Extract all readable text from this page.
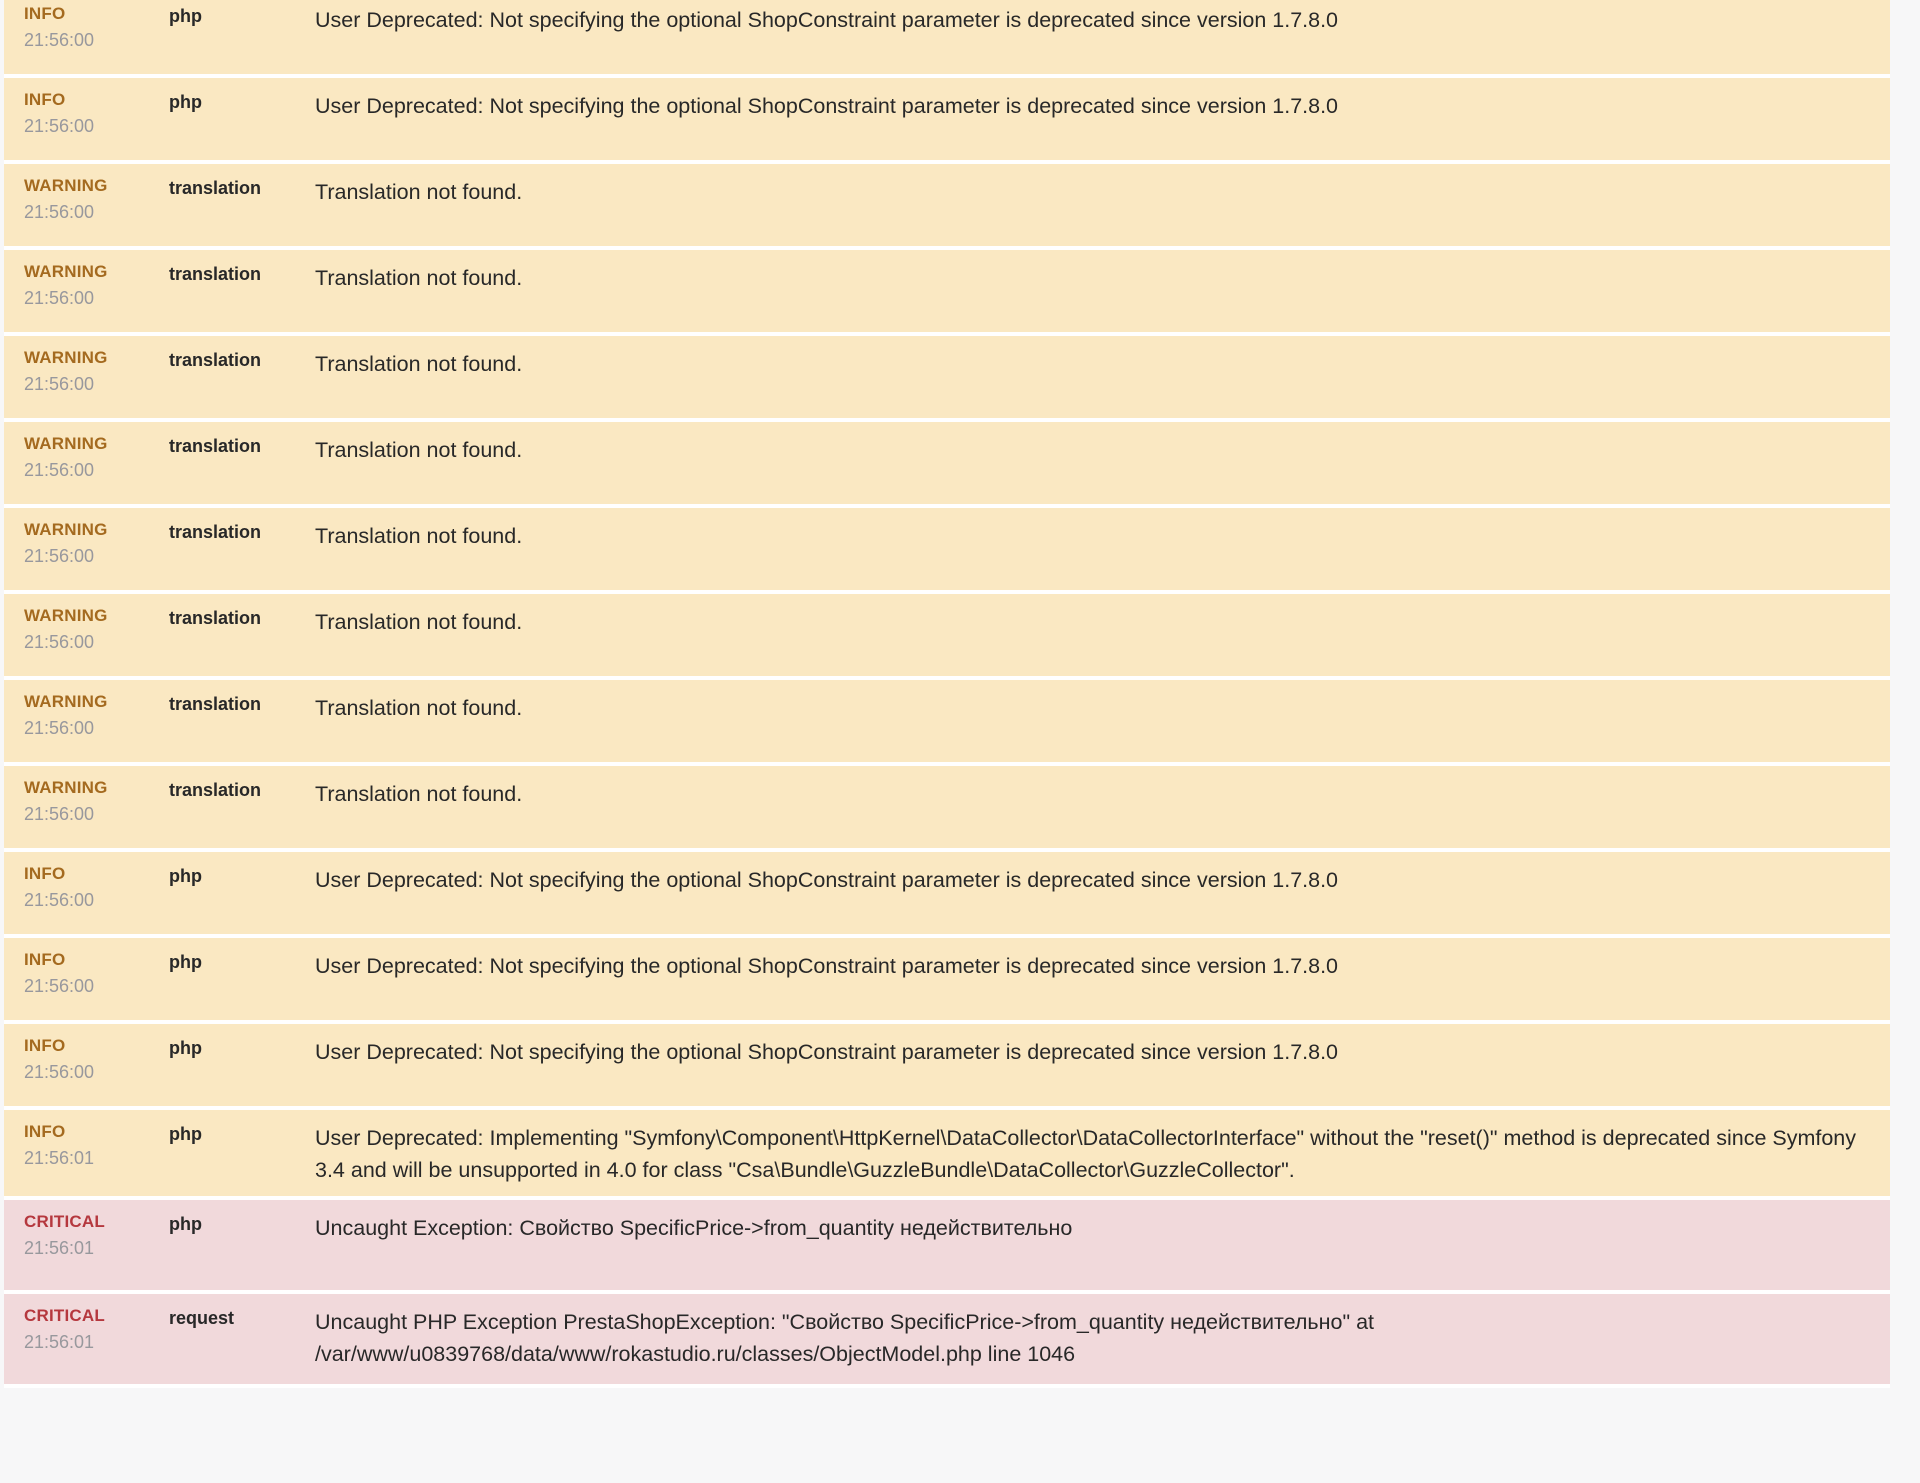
INFO
21:56:00
php	User Deprecated: Not specifying the optional ShopConstraint parameter is deprecated since version 1.7.8.0
INFO
21:56:00
php	User Deprecated: Not specifying the optional ShopConstraint parameter is deprecated since version 1.7.8.0
WARNING
21:56:00
translation	Translation not found.
WARNING
21:56:00
translation	Translation not found.
WARNING
21:56:00
translation	Translation not found.
WARNING
21:56:00
translation	Translation not found.
WARNING
21:56:00
translation	Translation not found.
WARNING
21:56:00
translation	Translation not found.
WARNING
21:56:00
translation	Translation not found.
WARNING
21:56:00
translation	Translation not found.
INFO
21:56:00
php	User Deprecated: Not specifying the optional ShopConstraint parameter is deprecated since version 1.7.8.0
INFO
21:56:00
php	User Deprecated: Not specifying the optional ShopConstraint parameter is deprecated since version 1.7.8.0
INFO
21:56:00
php	User Deprecated: Not specifying the optional ShopConstraint parameter is deprecated since version 1.7.8.0
INFO
21:56:01
php	User Deprecated: Implementing "Symfony\Component\HttpKernel\DataCollector\DataCollectorInterface" without the "reset()" method is deprecated since Symfony 3.4 and will be unsupported in 4.0 for class "Csa\Bundle\GuzzleBundle\DataCollector\GuzzleCollector".
CRITICAL
21:56:01
php	Uncaught Exception: Свойство SpecificPrice->from_quantity недействительно
CRITICAL
21:56:01
request	Uncaught PHP Exception PrestaShopException: "Свойство SpecificPrice->from_quantity недействительно" at /var/www/u0839768/data/www/rokastudio.ru/classes/ObjectModel.php line 1046
